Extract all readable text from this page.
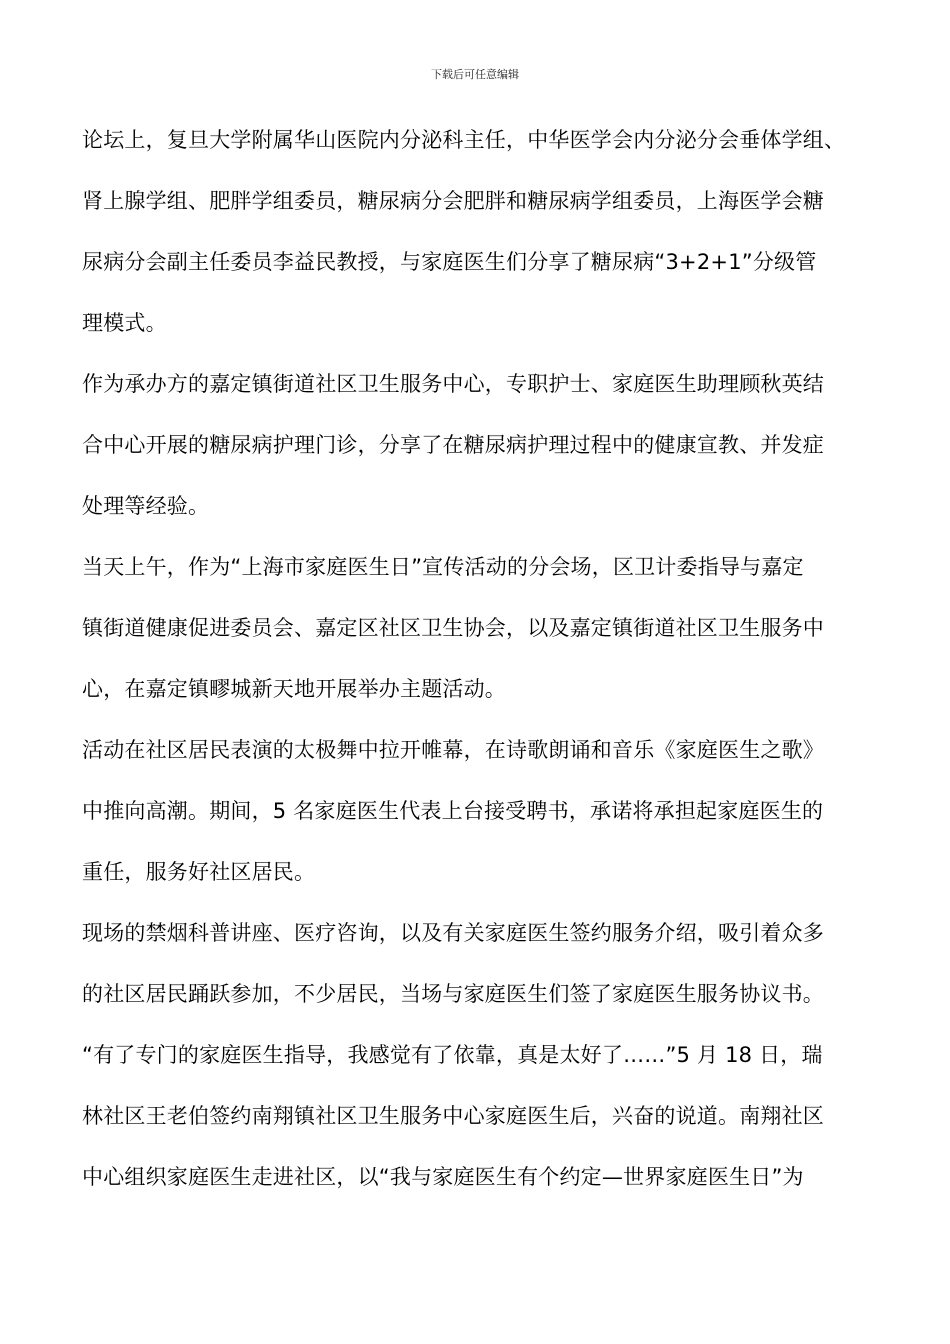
下载后可任意编辑
论坛上，复旦大学附属华山医院内分泌科主任，中华医学会内分泌分会垂体学组、
肾上腺学组、肥胖学组委员，糖尿病分会肥胖和糖尿病学组委员，上海医学会糖
尿病分会副主任委员李益民教授，与家庭医生们分享了糖尿病“3+2+1”分级管
理模式。
作为承办方的嘉定镇街道社区卫生服务中心，专职护士、家庭医生助理顾秋英结
合中心开展的糖尿病护理门诊，分享了在糖尿病护理过程中的健康宣教、并发症
处理等经验。
当天上午，作为“上海市家庭医生日”宣传活动的分会场，区卫计委指导与嘉定
镇街道健康促进委员会、嘉定区社区卫生协会，以及嘉定镇街道社区卫生服务中
心，在嘉定镇疁城新天地开展举办主题活动。
活动在社区居民表演的太极舞中拉开帷幕，在诗歌朗诵和音乐《家庭医生之歌》
中推向高潮。期间，5 名家庭医生代表上台接受聘书，承诺将承担起家庭医生的
重任，服务好社区居民。
现场的禁烟科普讲座、医疗咨询，以及有关家庭医生签约服务介绍，吸引着众多
的社区居民踊跃参加，不少居民，当场与家庭医生们签了家庭医生服务协议书。
“有了专门的家庭医生指导，我感觉有了依靠，真是太好了……”5 月 18 日，瑞
林社区王老伯签约南翔镇社区卫生服务中心家庭医生后，兴奋的说道。南翔社区
中心组织家庭医生走进社区，以“我与家庭医生有个约定—世界家庭医生日”为
